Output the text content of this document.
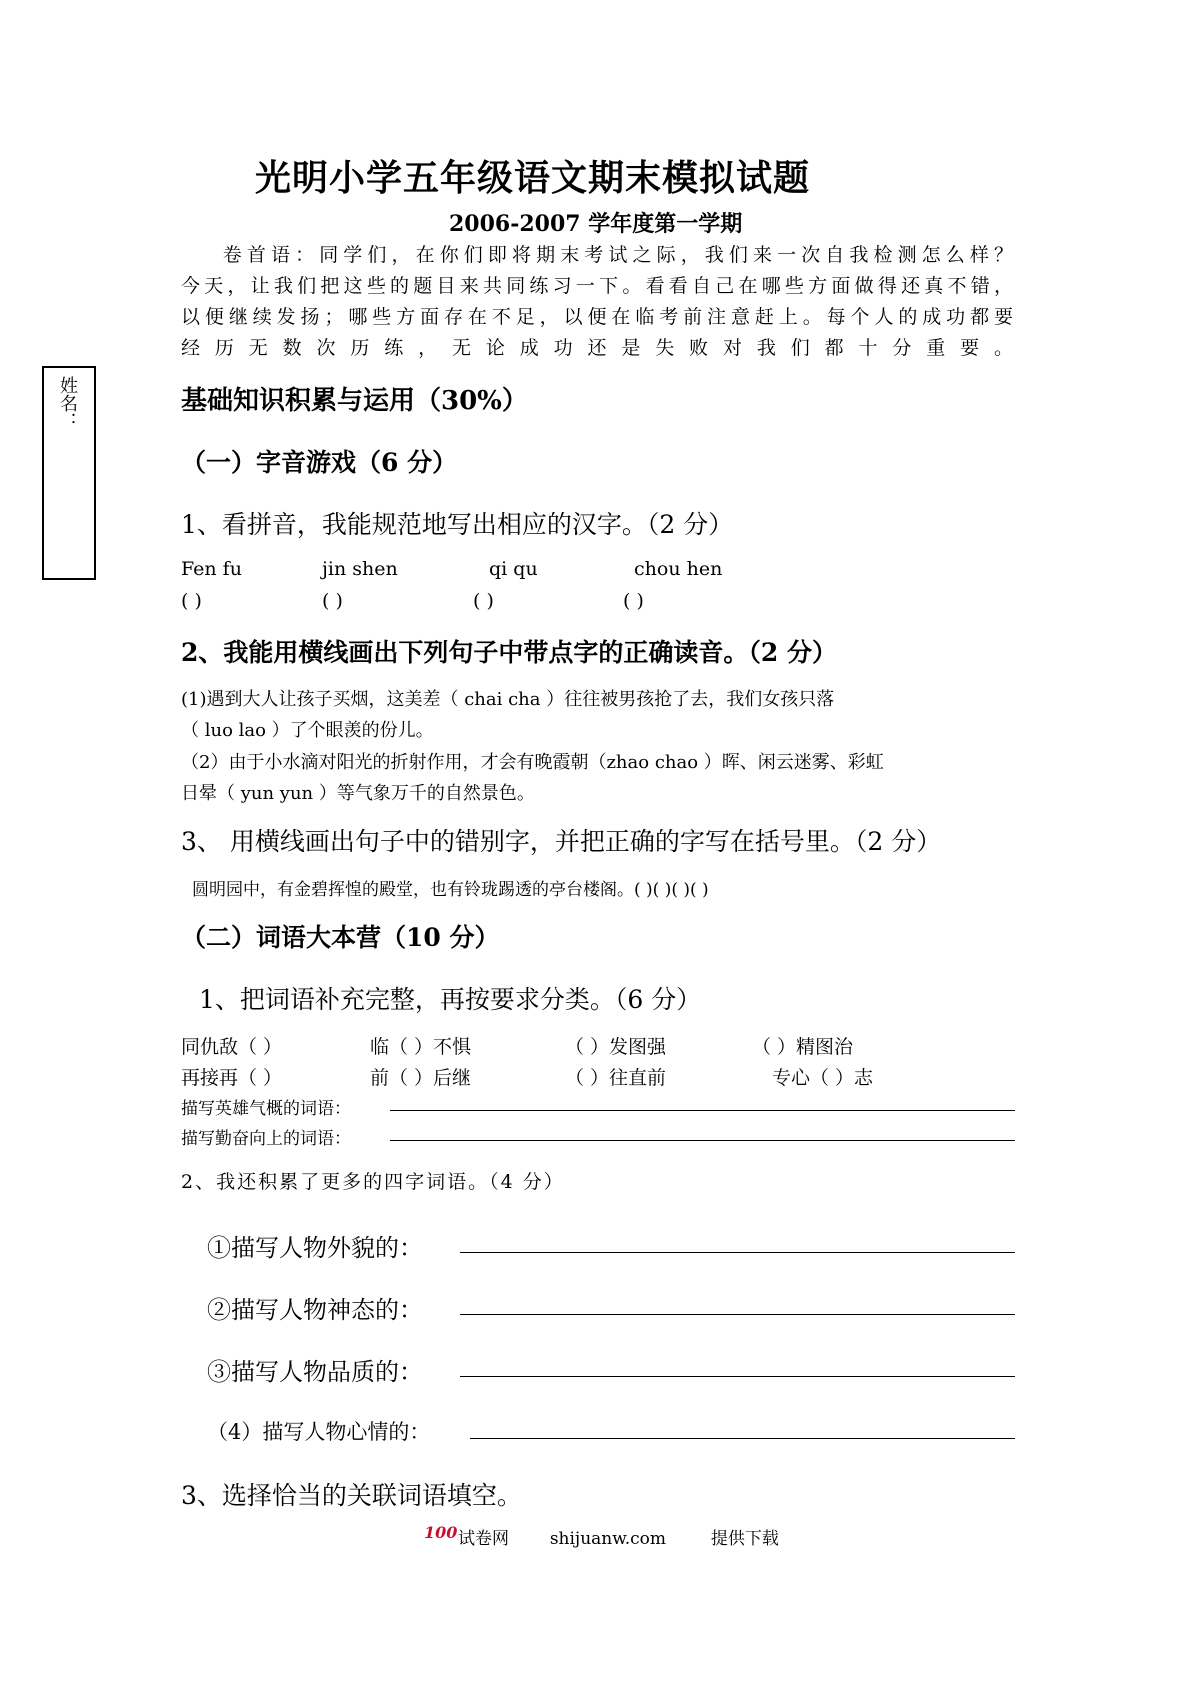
姓名：
光明小学五年级语文期末模拟试题
2006-2007 学年度第一学期

卷首语：同学们，在你们即将期末考试之际，我们来一次自我检测怎么样？

今天，让我们把这些的题目来共同练习一下。看看自己在哪些方面做得还真不错，

以便继续发扬；哪些方面存在不足，以便在临考前注意赶上。每个人的成功都要

经历无数次历练，无论成功还是失败对我们都十分重要。

基础知识积累与运用（30%）
（一）字音游戏（6 分）
1、看拼音，我能规范地写出相应的汉字。（2 分）
Fen fu	jin shen	qi qu	chou hen
( )	( )	( )	( )
2、我能用横线画出下列句子中带点字的正确读音。（2 分）
(1)遇到大人让孩子买烟，这美差（ chai cha ）往往被男孩抢了去，我们女孩只落
（ luo lao ）了个眼羡的份儿。
（2）由于小水滴对阳光的折射作用，才会有晚霞朝（zhao chao ）晖、闲云迷雾、彩虹
日晕（ yun yun ）等气象万千的自然景色。
3、 用横线画出句子中的错别字，并把正确的字写在括号里。（2 分）
圆明园中，有金碧挥惶的殿堂，也有铃珑踢透的亭台楼阁。( )( )( )( )
（二）词语大本营（10 分）
1、把词语补充完整，再按要求分类。（6 分）
同仇敌（ ）	临（ ）不惧	（ ）发图强	（ ）精图治
再接再（ ）	前（ ）后继	（ ）往直前	专心（ ）志
描写英雄气概的词语：
描写勤奋向上的词语：
2、我还积累了更多的四字词语。（4 分）
①描写人物外貌的：
②描写人物神态的：
③描写人物品质的：
（4）描写人物心情的：
3、选择恰当的关联词语填空。
100 试卷网 shijuanw.com	提供下载
